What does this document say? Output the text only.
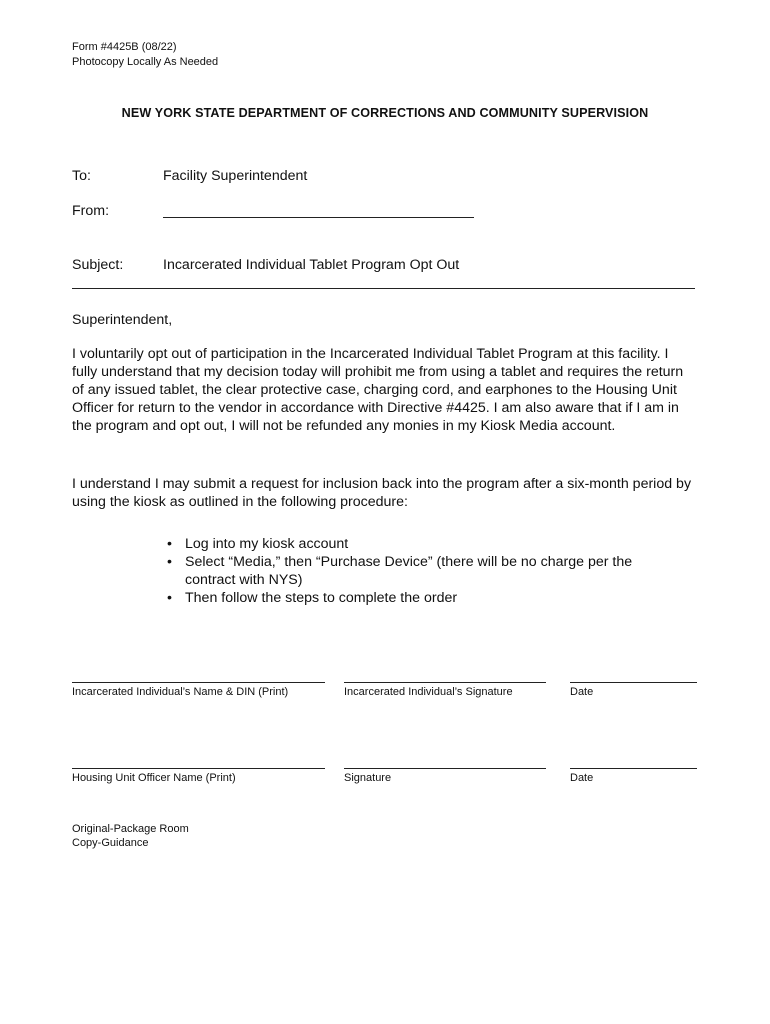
Form #4425B (08/22)
Photocopy Locally As Needed
NEW YORK STATE DEPARTMENT OF CORRECTIONS AND COMMUNITY SUPERVISION
To:	Facility Superintendent
From:
Subject:	Incarcerated Individual Tablet Program Opt Out
Superintendent,
I voluntarily opt out of participation in the Incarcerated Individual Tablet Program at this facility. I fully understand that my decision today will prohibit me from using a tablet and requires the return of any issued tablet, the clear protective case, charging cord, and earphones to the Housing Unit Officer for return to the vendor in accordance with Directive #4425. I am also aware that if I am in the program and opt out, I will not be refunded any monies in my Kiosk Media account.
I understand I may submit a request for inclusion back into the program after a six-month period by using the kiosk as outlined in the following procedure:
• Log into my kiosk account
• Select “Media,” then “Purchase Device” (there will be no charge per the contract with NYS)
• Then follow the steps to complete the order
Incarcerated Individual’s Name & DIN (Print)	Incarcerated Individual’s Signature	Date
Housing Unit Officer Name (Print)	Signature	Date
Original-Package Room
Copy-Guidance
